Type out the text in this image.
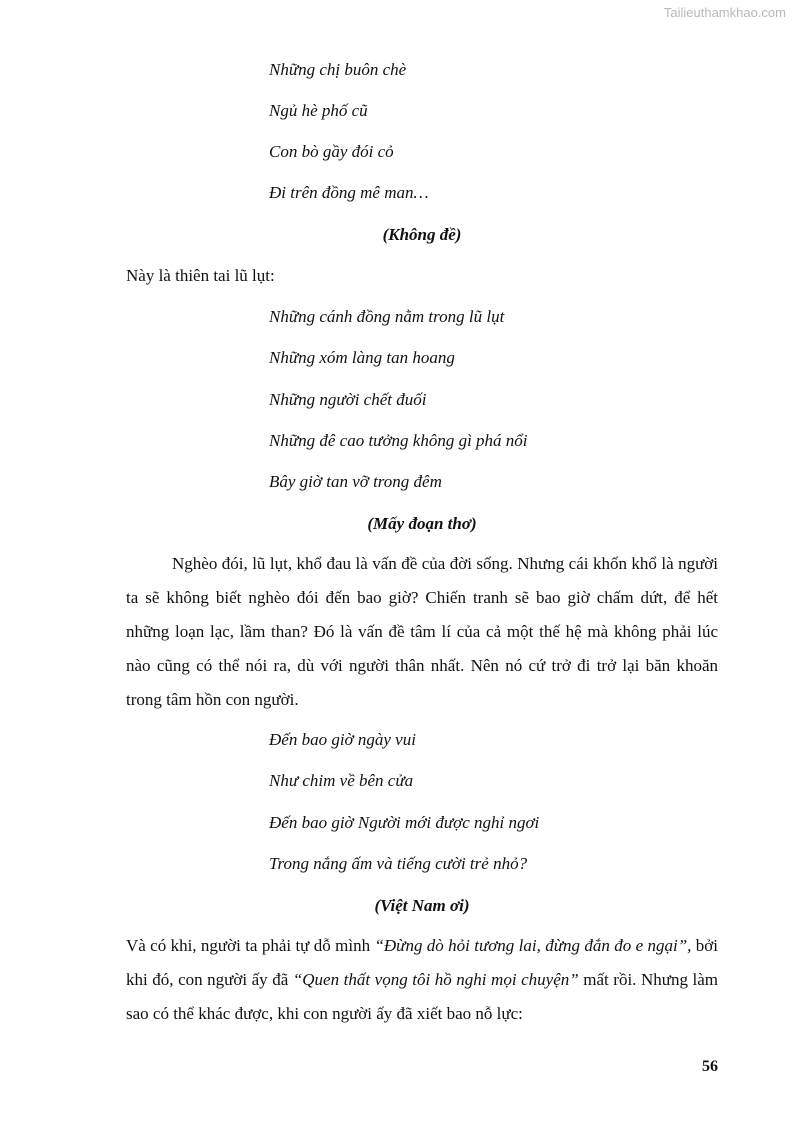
Tailieuthamkhao.com
Những chị buôn chè
Ngủ hè phố cũ
Con bò gầy đói cỏ
Đi trên đồng mê man…
(Không đề)
Này là thiên tai lũ lụt:
Những cánh đồng nằm trong lũ lụt
Những xóm làng tan hoang
Những người chết đuối
Những đê cao tưởng không gì phá nổi
Bây giờ tan vỡ trong đêm
(Mấy đoạn thơ)
Nghèo đói, lũ lụt, khổ đau là vấn đề của đời sống. Nhưng cái khốn khổ là người ta sẽ không biết nghèo đói đến bao giờ? Chiến tranh sẽ bao giờ chấm dứt, để hết những loạn lạc, lầm than? Đó là vấn đề tâm lí của cả một thế hệ mà không phải lúc nào cũng có thể nói ra, dù với người thân nhất. Nên nó cứ trở đi trở lại băn khoăn trong tâm hồn con người.
Đến bao giờ ngày vui
Như chim về bên cửa
Đến bao giờ Người mới được nghỉ ngơi
Trong nắng ấm và tiếng cười trẻ nhỏ?
(Việt Nam ơi)
Và có khi, người ta phải tự dỗ mình “Đừng dò hỏi tương lai, đừng đắn đo e ngại”, bởi khi đó, con người ấy đã “Quen thất vọng tôi hồ nghi mọi chuyện” mất rồi. Nhưng làm sao có thể khác được, khi con người ấy đã xiết bao nỗ lực:
56
